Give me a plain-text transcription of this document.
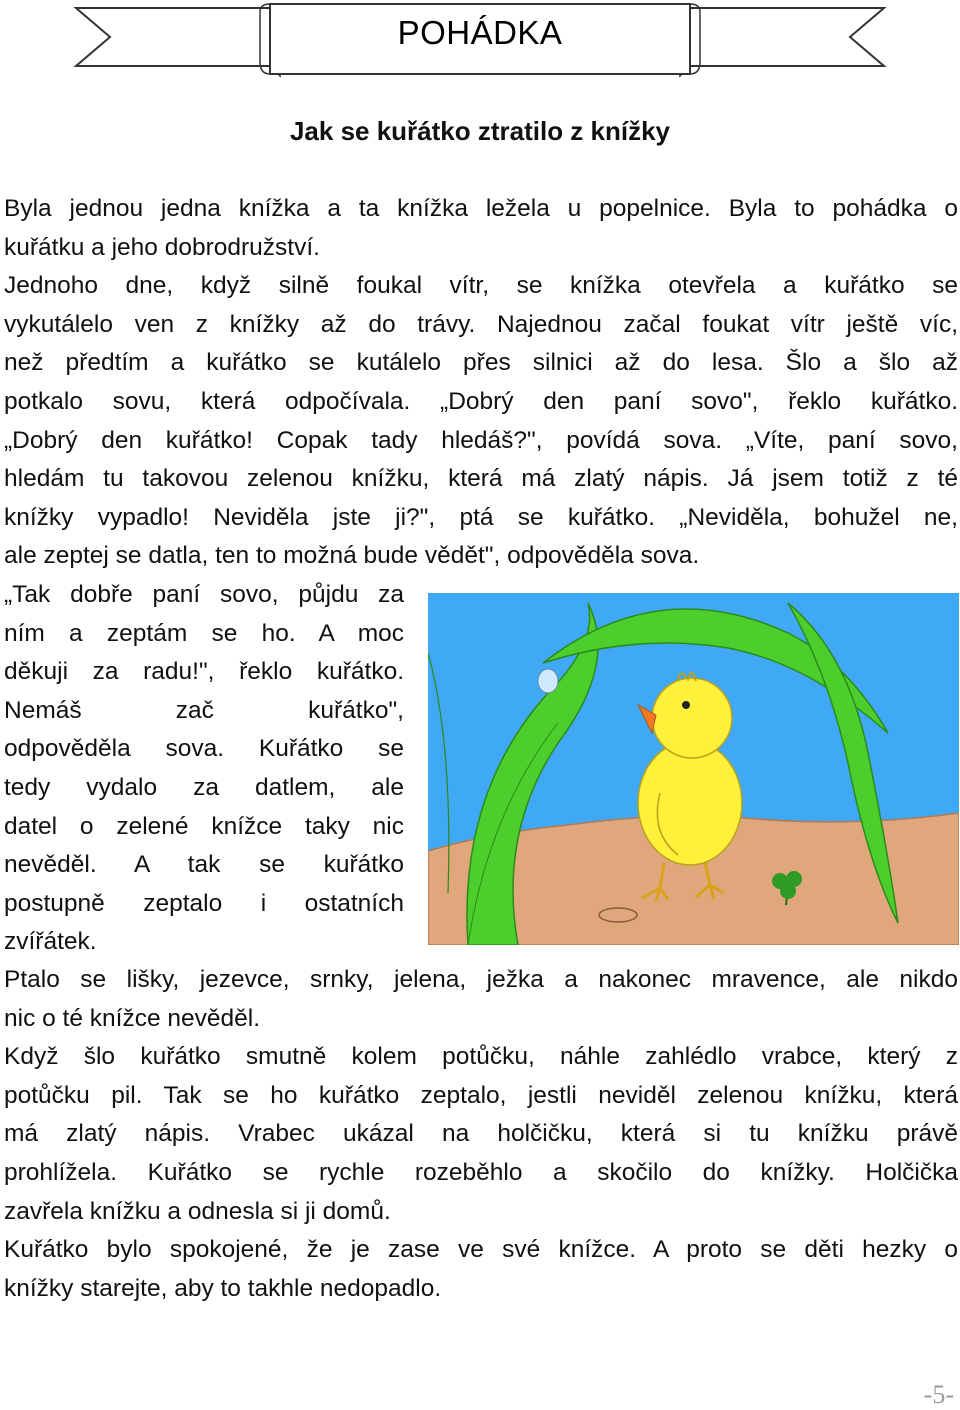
POHÁDKA
Jak se kuřátko ztratilo z knížky

Byla jednou jedna knížka a ta knížka ležela u popelnice. Byla to pohádka o

kuřátku a jeho dobrodružství.

Jednoho dne, když silně foukal vítr, se knížka otevřela a kuřátko se

vykutálelo ven z knížky až do trávy. Najednou začal foukat vítr ještě víc,

než předtím a kuřátko se kutálelo přes silnici až do lesa. Šlo a šlo až

potkalo sovu, která odpočívala. „Dobrý den paní sovo", řeklo kuřátko.

„Dobrý den kuřátko! Copak tady hledáš?", povídá sova. „Víte, paní sovo,

hledám tu takovou zelenou knížku, která má zlatý nápis. Já jsem totiž z té

knížky vypadlo! Neviděla jste ji?", ptá se kuřátko. „Neviděla, bohužel ne,

ale zeptej se datla, ten to možná bude vědět", odpověděla sova.

„Tak dobře paní sovo, půjdu za

ním a zeptám se ho. A moc

děkuji za radu!", řeklo kuřátko.

Nemáš zač kuřátko",

odpověděla sova. Kuřátko se

tedy vydalo za datlem, ale

datel o zelené knížce taky nic

nevěděl. A tak se kuřátko

postupně zeptalo i ostatních

zvířátek.

Ptalo se lišky, jezevce, srnky, jelena, ježka a nakonec mravence, ale nikdo

nic o té knížce nevěděl.

Když šlo kuřátko smutně kolem potůčku, náhle zahlédlo vrabce, který z

potůčku pil. Tak se ho kuřátko zeptalo, jestli neviděl zelenou knížku, která

má zlatý nápis. Vrabec ukázal na holčičku, která si tu knížku právě

prohlížela. Kuřátko se rychle rozeběhlo a skočilo do knížky. Holčička

zavřela knížku a odnesla si ji domů.

Kuřátko bylo spokojené, že je zase ve své knížce. A proto se děti hezky o

knížky starejte, aby to takhle nedopadlo.

-5-
